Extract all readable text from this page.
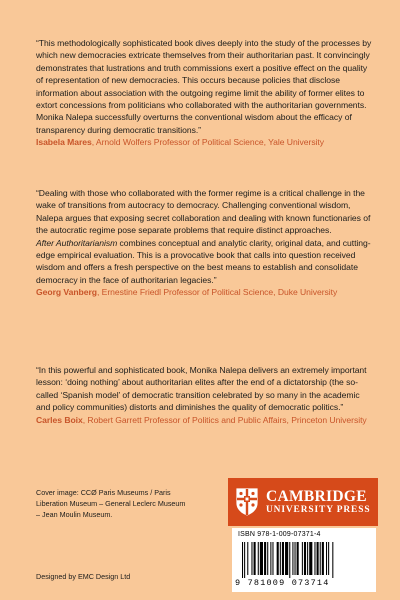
“This methodologically sophisticated book dives deeply into the study of the processes by which new democracies extricate themselves from their authoritarian past. It convincingly demonstrates that lustrations and truth commissions exert a positive effect on the quality of representation of new democracies. This occurs because policies that disclose information about association with the outgoing regime limit the ability of former elites to extort concessions from politicians who collaborated with the authoritarian governments. Monika Nalepa successfully overturns the conventional wisdom about the efficacy of transparency during democratic transitions.”

Isabela Mares, Arnold Wolfers Professor of Political Science, Yale University

“Dealing with those who collaborated with the former regime is a critical challenge in the wake of transitions from autocracy to democracy. Challenging conventional wisdom, Nalepa argues that exposing secret collaboration and dealing with known functionaries of the autocratic regime pose separate problems that require distinct approaches.
After Authoritarianism combines conceptual and analytic clarity, original data, and cutting-edge empirical evaluation. This is a provocative book that calls into question received wisdom and offers a fresh perspective on the best means to establish and consolidate democracy in the face of authoritarian legacies.”

Georg Vanberg, Ernestine Friedl Professor of Political Science, Duke University

“In this powerful and sophisticated book, Monika Nalepa delivers an extremely important lesson: ‘doing nothing’ about authoritarian elites after the end of a dictatorship (the so-called ‘Spanish model’ of democratic transition celebrated by so many in the academic and policy communities) distorts and diminishes the quality of democratic politics.”

Carles Boix, Robert Garrett Professor of Politics and Public Affairs, Princeton University

Cover image: CCØ Paris Museums / Paris Liberation Museum – General Leclerc Museum – Jean Moulin Museum.
Designed by EMC Design Ltd
CAMBRIDGE
UNIVERSITY PRESS
ISBN 978-1-009-07371-4
9 781009 073714
